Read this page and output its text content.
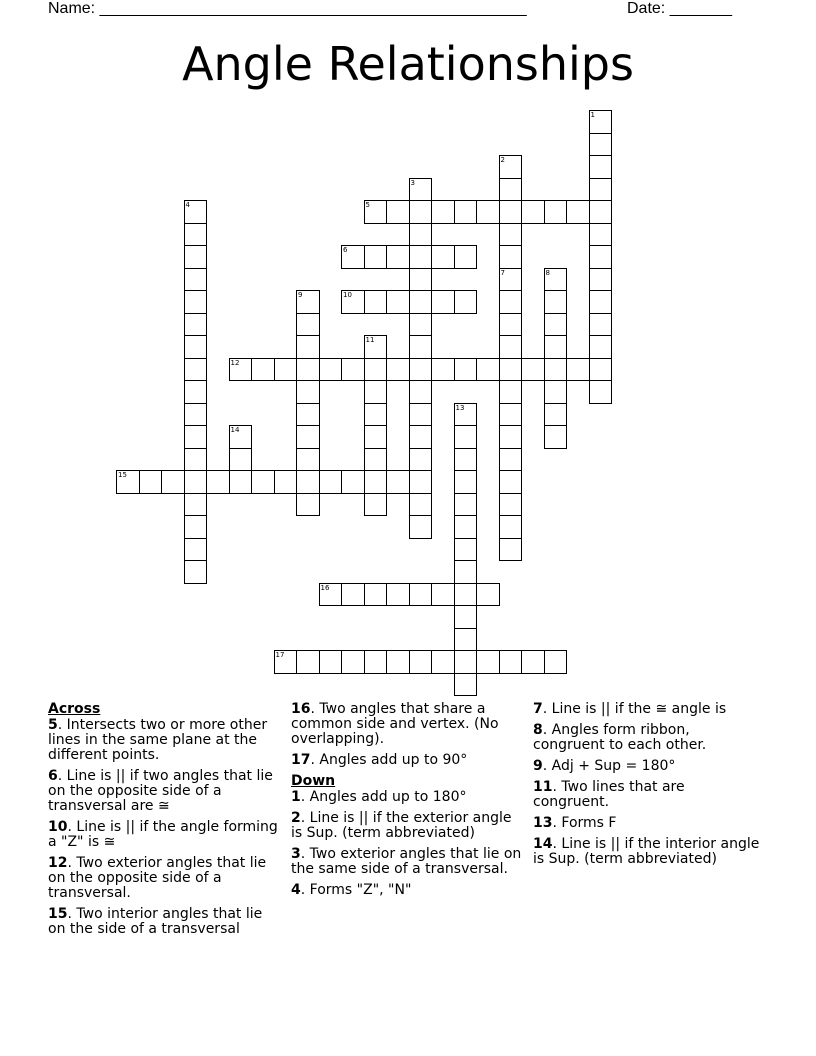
Name: ________________________________________________	Date: _______
Angle Relationships
1
2
3
4	5
6
7	8
9	10
11
12
13
14
15
16
17
Across
5. Intersects two or more other lines in the same plane at the different points.
6. Line is || if two angles that lie on the opposite side of a transversal are ≅
10. Line is || if the angle forming a "Z" is ≅
12. Two exterior angles that lie on the opposite side of a transversal.
15. Two interior angles that lie on the side of a transversal
16. Two angles that share a common side and vertex. (No overlapping).
17. Angles add up to 90°
Down
1. Angles add up to 180°
2. Line is || if the exterior angle is Sup. (term abbreviated)
3. Two exterior angles that lie on the same side of a transversal.
4. Forms "Z", "N"
7. Line is || if the ≅ angle is
8. Angles form ribbon, congruent to each other.
9. Adj + Sup = 180°
11. Two lines that are congruent.
13. Forms F
14. Line is || if the interior angle is Sup. (term abbreviated)
